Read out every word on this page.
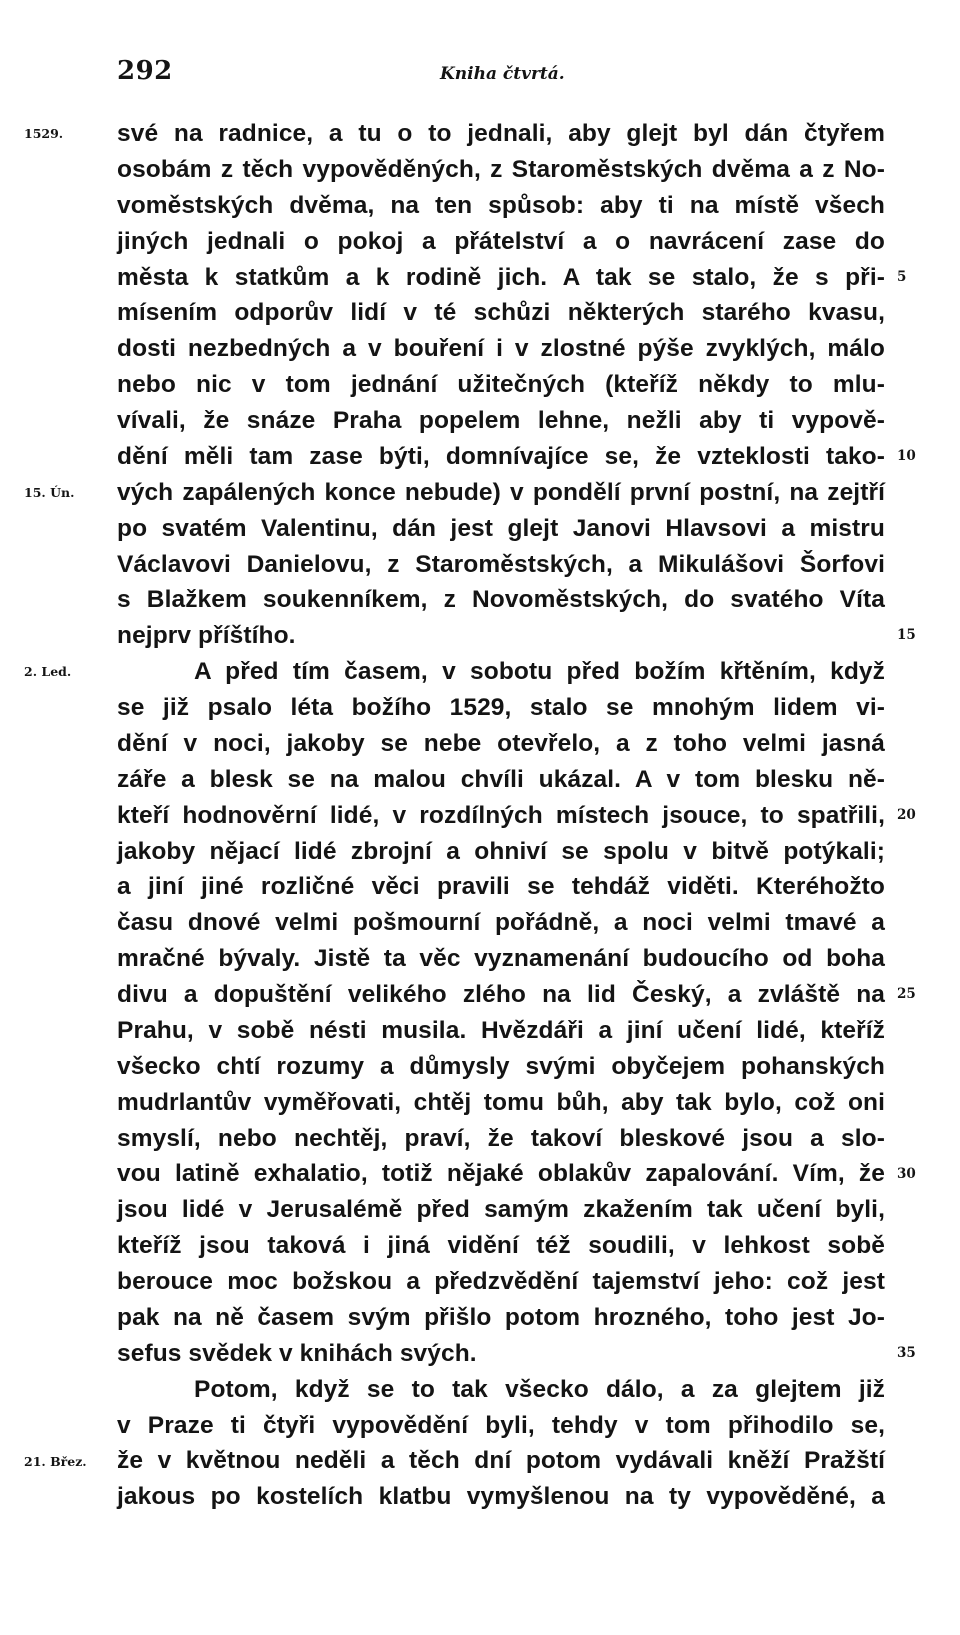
292	Kniha čtvrtá.
1529.
15. Ún.
2. Led.
21. Břez.
5
10
15
20
25
30
35
své na radnice, a tu o to jednali, aby glejt byl dán čtyřem
osobám z těch vypověděných, z Staroměstských dvěma a z No-
voměstských dvěma, na ten spůsob: aby ti na místě všech
jiných jednali o pokoj a přátelství a o navrácení zase do
města k statkům a k rodině jich. A tak se stalo, že s při-
mísením odporův lidí v té schůzi některých starého kvasu,
dosti nezbedných a v bouření i v zlostné pýše zvyklých, málo
nebo nic v tom jednání užitečných (kteříž někdy to mlu-
vívali, že snáze Praha popelem lehne, nežli aby ti vypově-
dění měli tam zase býti, domnívajíce se, že vzteklosti tako-
vých zapálených konce nebude) v pondělí první postní, na zejtří
po svatém Valentinu, dán jest glejt Janovi Hlavsovi a mistru
Václavovi Danielovu, z Staroměstských, a Mikulášovi Šorfovi
s Blažkem soukenníkem, z Novoměstských, do svatého Víta
nejprv příštího.
A před tím časem, v sobotu před božím křtěním, když
se již psalo léta božího 1529, stalo se mnohým lidem vi-
dění v noci, jakoby se nebe otevřelo, a z toho velmi jasná
záře a blesk se na malou chvíli ukázal. A v tom blesku ně-
kteří hodnověrní lidé, v rozdílných místech jsouce, to spatřili,
jakoby nějací lidé zbrojní a ohniví se spolu v bitvě potýkali;
a jiní jiné rozličné věci pravili se tehdáž viděti. Kteréhožto
času dnové velmi pošmourní pořádně, a noci velmi tmavé a
mračné bývaly. Jistě ta věc vyznamenání budoucího od boha
divu a dopuštění velikého zlého na lid Český, a zvláště na
Prahu, v sobě nésti musila. Hvězdáři a jiní učení lidé, kteříž
všecko chtí rozumy a důmysly svými obyčejem pohanských
mudrlantův vyměřovati, chtěj tomu bůh, aby tak bylo, což oni
smyslí, nebo nechtěj, praví, že takoví bleskové jsou a slo-
vou latině exhalatio, totiž nějaké oblakův zapalování. Vím, že
jsou lidé v Jerusalémě před samým zkažením tak učení byli,
kteříž jsou taková i jiná vidění též soudili, v lehkost sobě
berouce moc božskou a předzvědění tajemství jeho: což jest
pak na ně časem svým přišlo potom hrozného, toho jest Jo-
sefus svědek v knihách svých.
Potom, když se to tak všecko dálo, a za glejtem již
v Praze ti čtyři vypovědění byli, tehdy v tom přihodilo se,
že v květnou neděli a těch dní potom vydávali kněží Pražští
jakous po kostelích klatbu vymyšlenou na ty vypověděné, a
